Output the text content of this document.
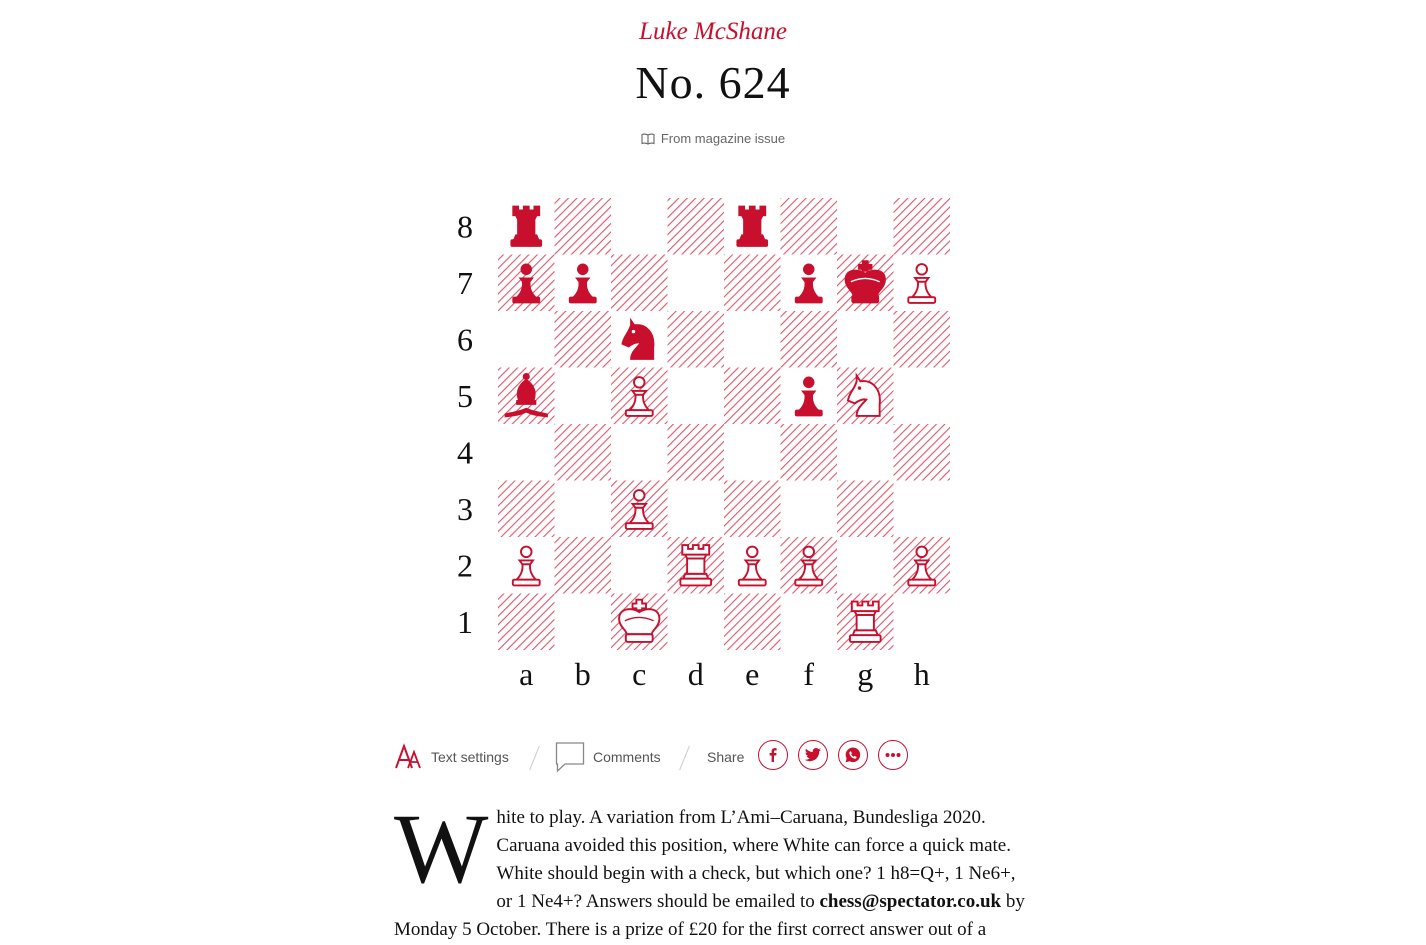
Luke McShane
No. 624
From magazine issue
8
7
6
5
4
3
2
1
a b c d e f g h
Text settings	Comments	Share
White to play. A variation from L’Ami–Caruana, Bundesliga 2020. Caruana avoided this position, where White can force a quick mate. White should begin with a check, but which one? 1 h8=Q+, 1 Ne6+, or 1 Ne4+? Answers should be emailed to chess@spectator.co.uk by Monday 5 October. There is a prize of £20 for the first correct answer out of a
